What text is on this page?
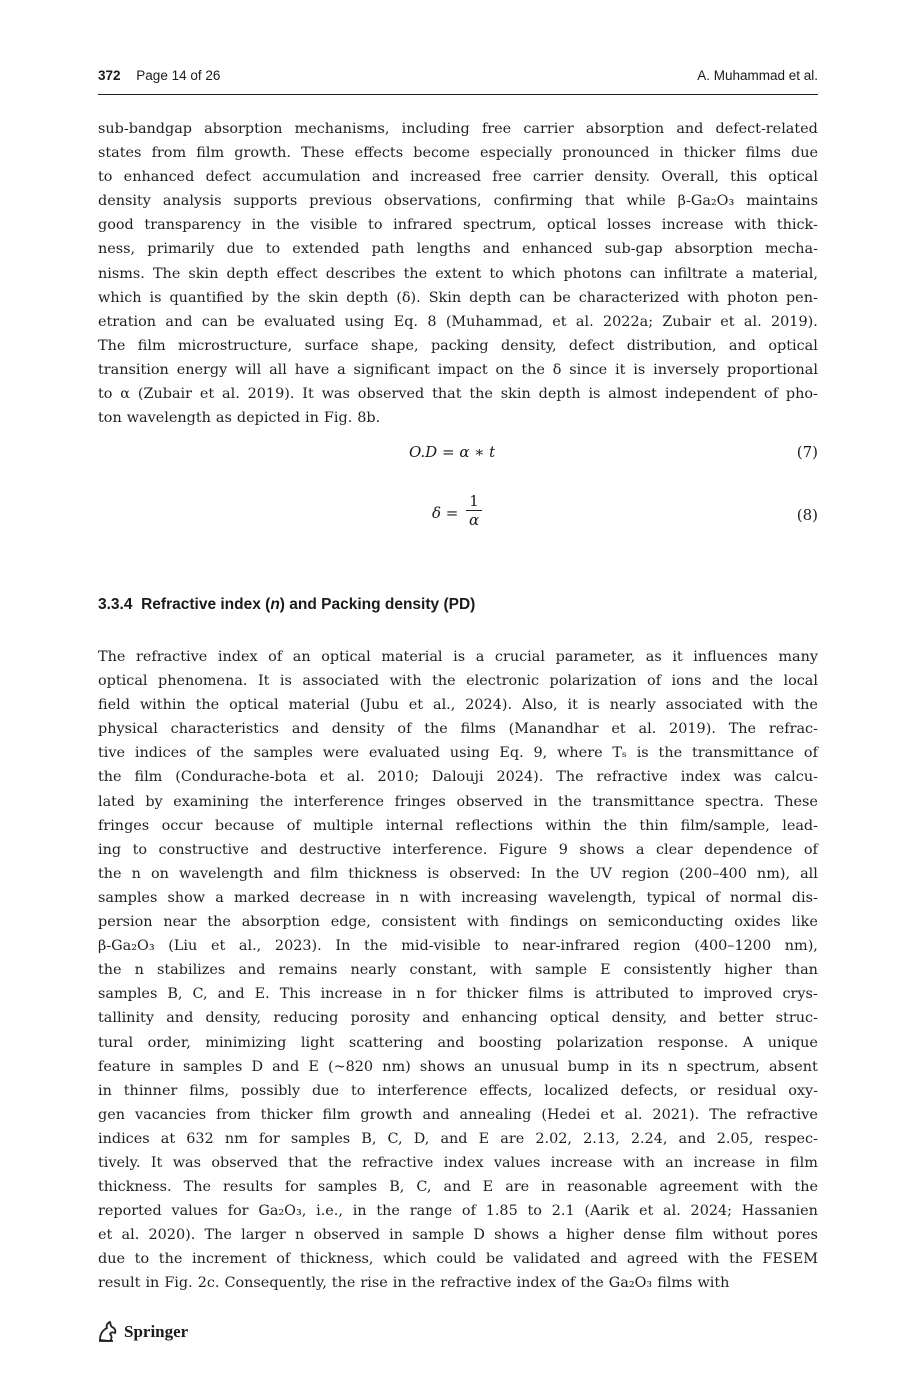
372 Page 14 of 26	A. Muhammad et al.
sub-bandgap absorption mechanisms, including free carrier absorption and defect-related
states from film growth. These effects become especially pronounced in thicker films due
to enhanced defect accumulation and increased free carrier density. Overall, this optical
density analysis supports previous observations, confirming that while β-Ga₂O₃ maintains
good transparency in the visible to infrared spectrum, optical losses increase with thick-
ness, primarily due to extended path lengths and enhanced sub-gap absorption mecha-
nisms. The skin depth effect describes the extent to which photons can infiltrate a material,
which is quantified by the skin depth (δ). Skin depth can be characterized with photon pen-
etration and can be evaluated using Eq. 8 (Muhammad, et al. 2022a; Zubair et al. 2019).
The film microstructure, surface shape, packing density, defect distribution, and optical
transition energy will all have a significant impact on the δ since it is inversely proportional
to α (Zubair et al. 2019). It was observed that the skin depth is almost independent of pho-
ton wavelength as depicted in Fig. 8b.
O.D = α ∗ t	(7)
$\delta = \frac{1}{\alpha}$	(8)
3.3.4 Refractive index (n) and Packing density (PD)
The refractive index of an optical material is a crucial parameter, as it influences many
optical phenomena. It is associated with the electronic polarization of ions and the local
field within the optical material (Jubu et al., 2024). Also, it is nearly associated with the
physical characteristics and density of the films (Manandhar et al. 2019). The refrac-
tive indices of the samples were evaluated using Eq. 9, where Tₛ is the transmittance of
the film (Condurache-bota et al. 2010; Dalouji 2024). The refractive index was calcu-
lated by examining the interference fringes observed in the transmittance spectra. These
fringes occur because of multiple internal reflections within the thin film/sample, lead-
ing to constructive and destructive interference. Figure 9 shows a clear dependence of
the n on wavelength and film thickness is observed: In the UV region (200–400 nm), all
samples show a marked decrease in n with increasing wavelength, typical of normal dis-
persion near the absorption edge, consistent with findings on semiconducting oxides like
β-Ga₂O₃ (Liu et al., 2023). In the mid-visible to near-infrared region (400–1200 nm),
the n stabilizes and remains nearly constant, with sample E consistently higher than
samples B, C, and E. This increase in n for thicker films is attributed to improved crys-
tallinity and density, reducing porosity and enhancing optical density, and better struc-
tural order, minimizing light scattering and boosting polarization response. A unique
feature in samples D and E (~820 nm) shows an unusual bump in its n spectrum, absent
in thinner films, possibly due to interference effects, localized defects, or residual oxy-
gen vacancies from thicker film growth and annealing (Hedei et al. 2021). The refractive
indices at 632 nm for samples B, C, D, and E are 2.02, 2.13, 2.24, and 2.05, respec-
tively. It was observed that the refractive index values increase with an increase in film
thickness. The results for samples B, C, and E are in reasonable agreement with the
reported values for Ga₂O₃, i.e., in the range of 1.85 to 2.1 (Aarik et al. 2024; Hassanien
et al. 2020). The larger n observed in sample D shows a higher dense film without pores
due to the increment of thickness, which could be validated and agreed with the FESEM
result in Fig. 2c. Consequently, the rise in the refractive index of the Ga₂O₃ films with
Springer
